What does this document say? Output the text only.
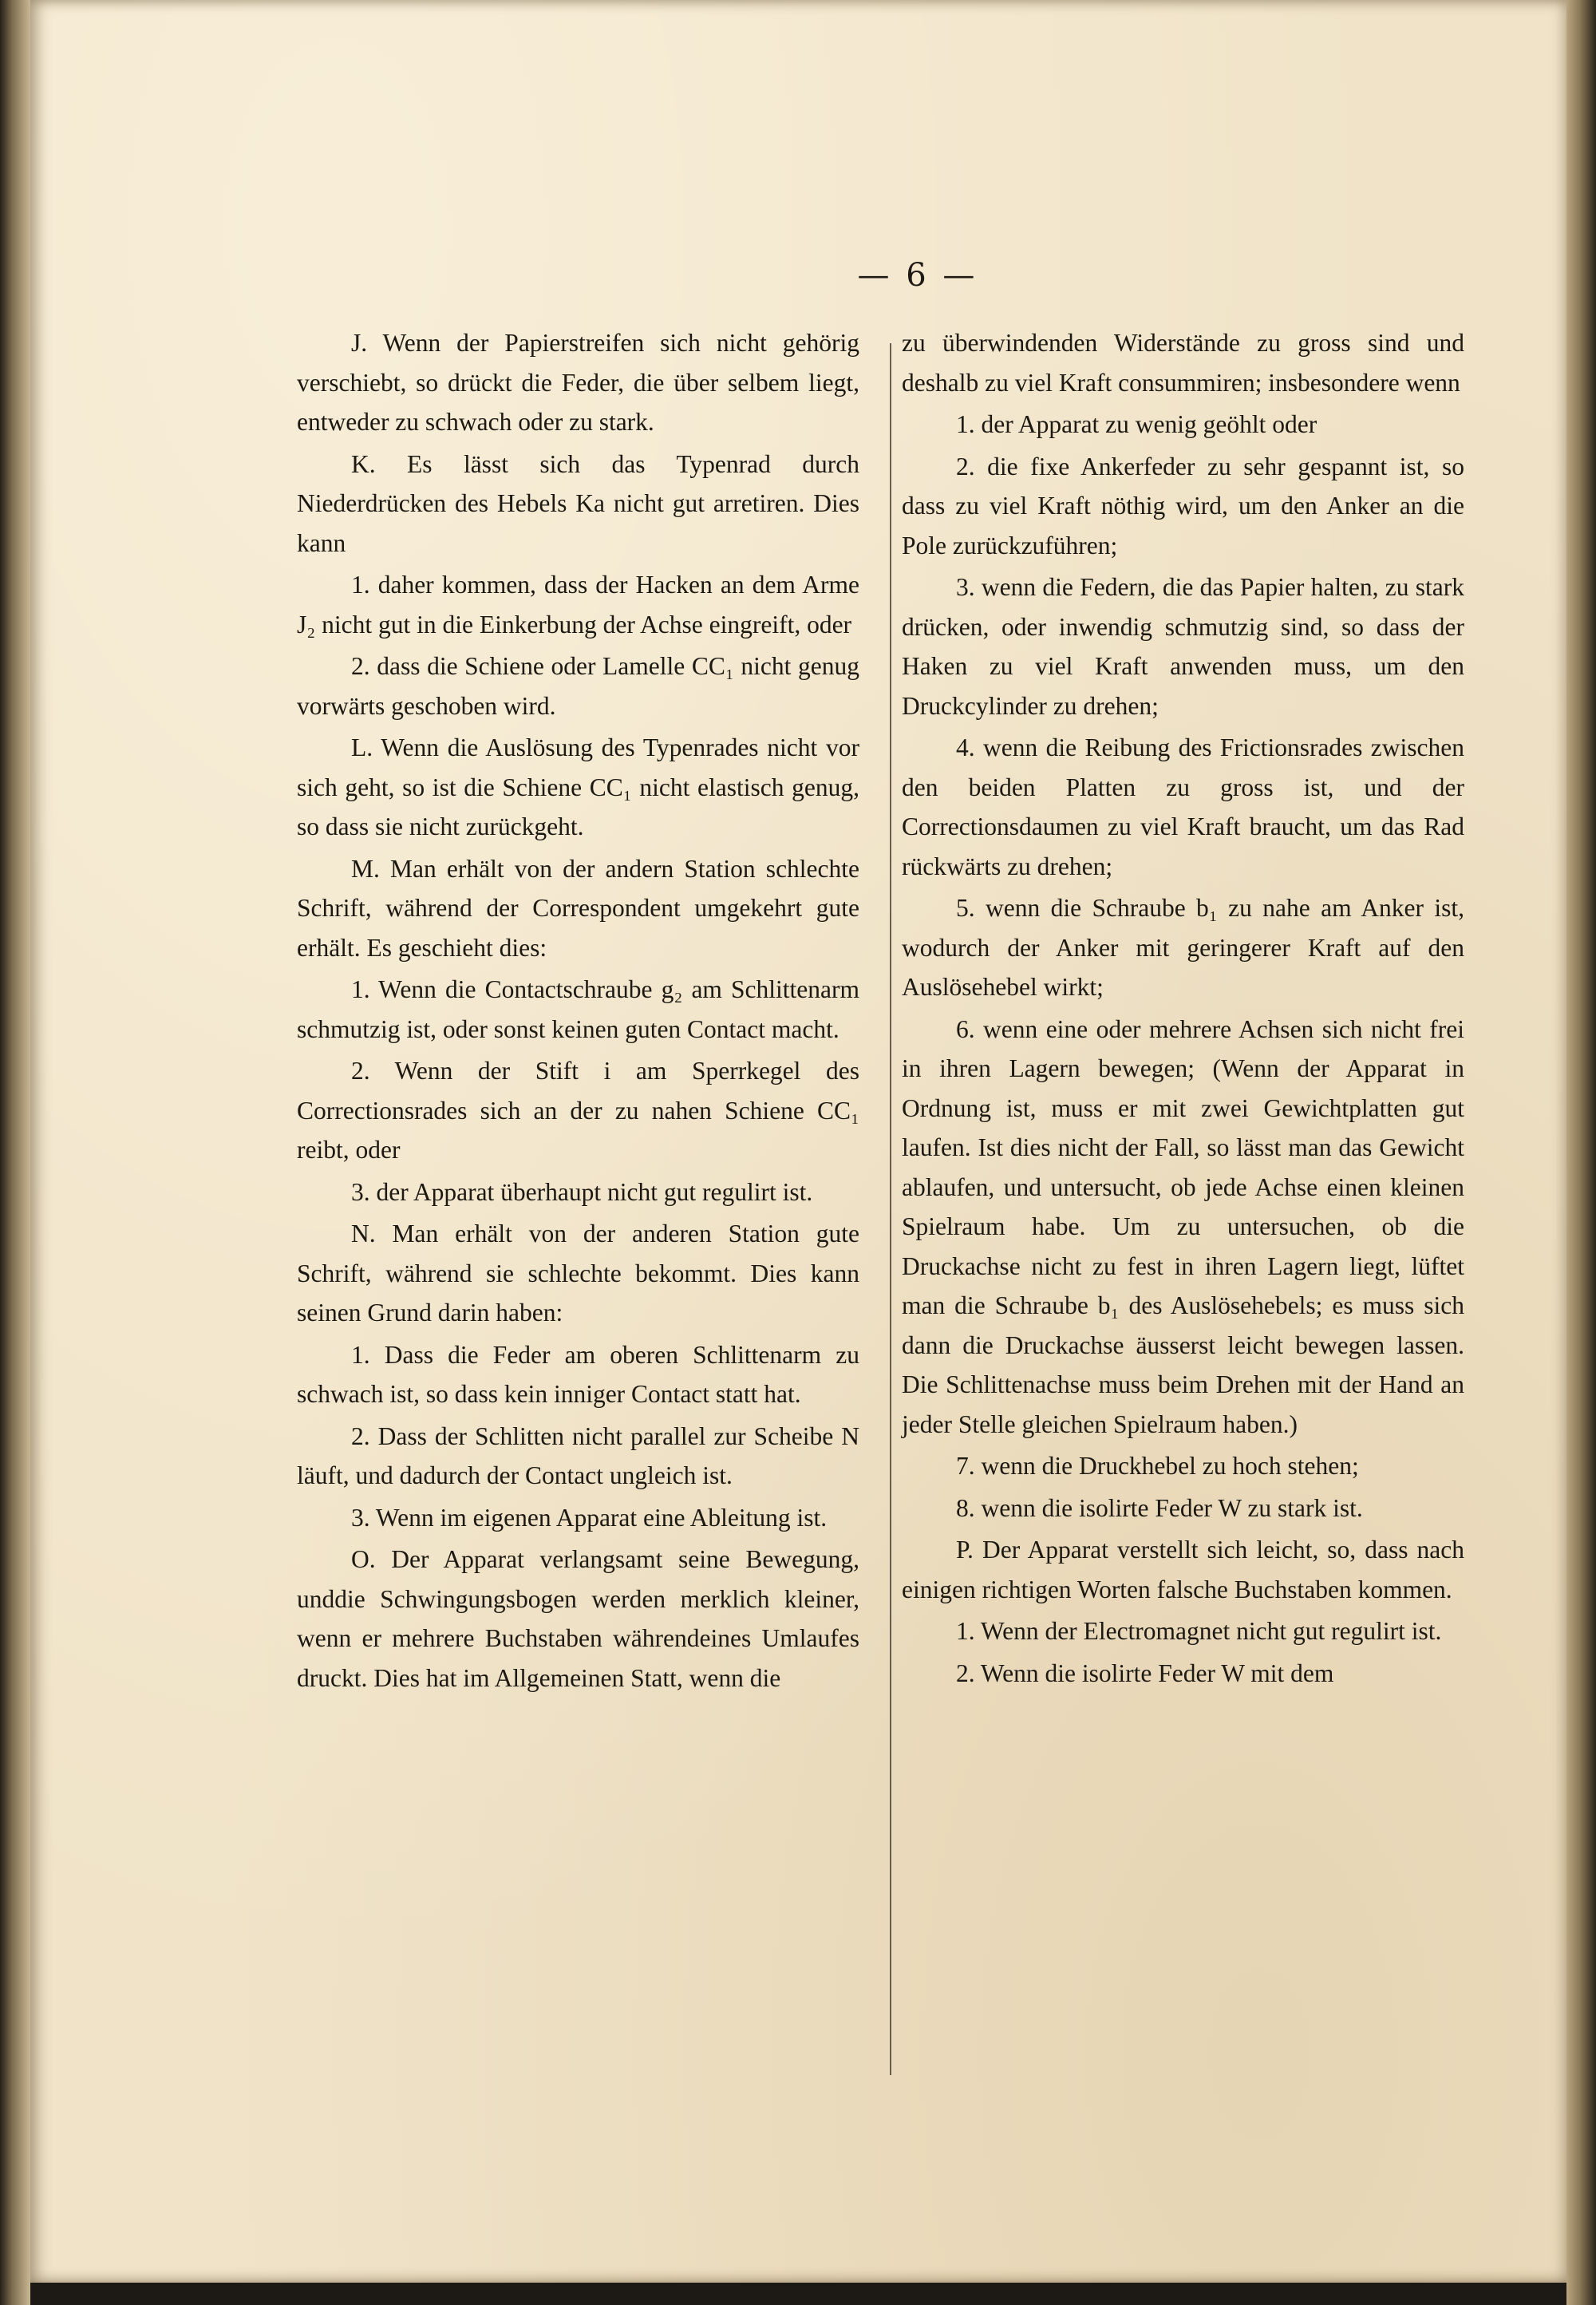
— 6 —

J. Wenn der Papierstreifen sich nicht gehörig verschiebt, so drückt die Feder, die über selbem liegt, entweder zu schwach oder zu stark.

K. Es lässt sich das Typenrad durch Niederdrücken des Hebels Ka nicht gut arretiren. Dies kann

1. daher kommen, dass der Hacken an dem Arme J₂ nicht gut in die Einkerbung der Achse eingreift, oder

2. dass die Schiene oder Lamelle CC₁ nicht genug vorwärts geschoben wird.

L. Wenn die Auslösung des Typenrades nicht vor sich geht, so ist die Schiene CC₁ nicht elastisch genug, so dass sie nicht zurückgeht.

M. Man erhält von der andern Station schlechte Schrift, während der Correspondent umgekehrt gute erhält. Es geschieht dies:

1. Wenn die Contactschraube g₂ am Schlittenarm schmutzig ist, oder sonst keinen guten Contact macht.

2. Wenn der Stift i am Sperrkegel des Correctionsrades sich an der zu nahen Schiene CC₁ reibt, oder

3. der Apparat überhaupt nicht gut regulirt ist.

N. Man erhält von der anderen Station gute Schrift, während sie schlechte bekommt. Dies kann seinen Grund darin haben:

1. Dass die Feder am oberen Schlittenarm zu schwach ist, so dass kein inniger Contact statt hat.

2. Dass der Schlitten nicht parallel zur Scheibe N läuft, und dadurch der Contact ungleich ist.

3. Wenn im eigenen Apparat eine Ableitung ist.

O. Der Apparat verlangsamt seine Bewegung, unddie Schwingungsbogen werden merklich kleiner, wenn er mehrere Buchstaben währendeines Umlaufes druckt. Dies hat im Allgemeinen Statt, wenn die

zu überwindenden Widerstände zu gross sind und deshalb zu viel Kraft consummiren; insbesondere wenn

1. der Apparat zu wenig geöhlt oder

2. die fixe Ankerfeder zu sehr gespannt ist, so dass zu viel Kraft nöthig wird, um den Anker an die Pole zurückzuführen;

3. wenn die Federn, die das Papier halten, zu stark drücken, oder inwendig schmutzig sind, so dass der Haken zu viel Kraft anwenden muss, um den Druckcylinder zu drehen;

4. wenn die Reibung des Frictionsrades zwischen den beiden Platten zu gross ist, und der Correctionsdaumen zu viel Kraft braucht, um das Rad rückwärts zu drehen;

5. wenn die Schraube b₁ zu nahe am Anker ist, wodurch der Anker mit geringerer Kraft auf den Auslösehebel wirkt;

6. wenn eine oder mehrere Achsen sich nicht frei in ihren Lagern bewegen; (Wenn der Apparat in Ordnung ist, muss er mit zwei Gewichtplatten gut laufen. Ist dies nicht der Fall, so lässt man das Gewicht ablaufen, und untersucht, ob jede Achse einen kleinen Spielraum habe. Um zu untersuchen, ob die Druckachse nicht zu fest in ihren Lagern liegt, lüftet man die Schraube b₁ des Auslösehebels; es muss sich dann die Druckachse äusserst leicht bewegen lassen. Die Schlittenachse muss beim Drehen mit der Hand an jeder Stelle gleichen Spielraum haben.)

7. wenn die Druckhebel zu hoch stehen;

8. wenn die isolirte Feder W zu stark ist.

P. Der Apparat verstellt sich leicht, so, dass nach einigen richtigen Worten falsche Buchstaben kommen.

1. Wenn der Electromagnet nicht gut regulirt ist.

2. Wenn die isolirte Feder W mit dem
